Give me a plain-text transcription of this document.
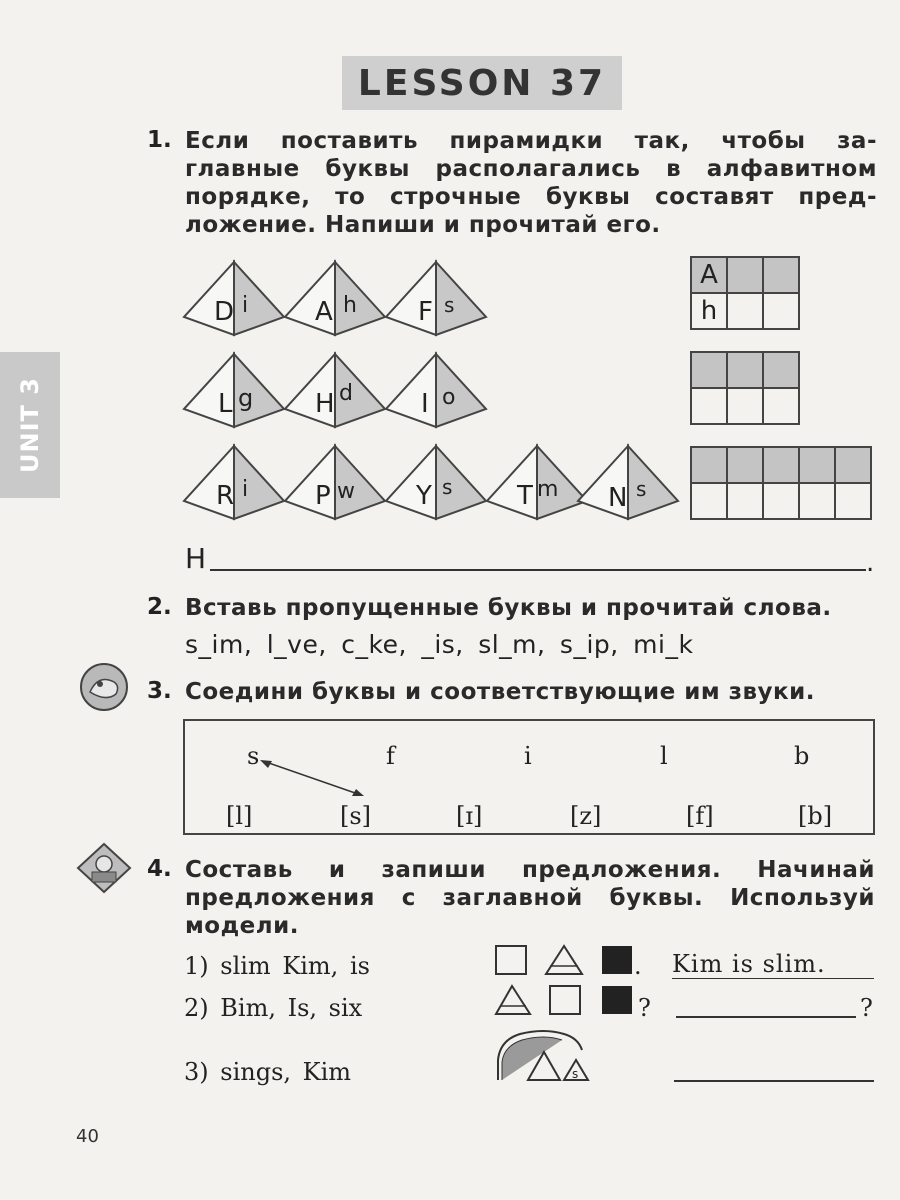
LESSON 37
UNIT 3
1. Если поставить пирамидки так, чтобы за-
главные буквы располагались в алфавитном
порядке, то строчные буквы составят пред-
ложение. Напиши и прочитай его.
D i	A h F s
L g H d	I o
R i	P w Y s T m N s
A		
h		

H	.
2. Вставь пропущенные буквы и прочитай слова.
s_im, l_ve, c_ke, _is, sl_m, s_ip, mi_k
3. Соедини буквы и соответствующие им звуки.
s	f	i	l	b
[l]	[s]	[ɪ]	[z]	[f]	[b]
4. Составь и запиши предложения. Начинай
предложения с заглавной буквы. Используй
модели.
1) slim Kim, is	. Kim is slim.
2) Bim, Is, six	?	?
3) sings, Kim	s
40
